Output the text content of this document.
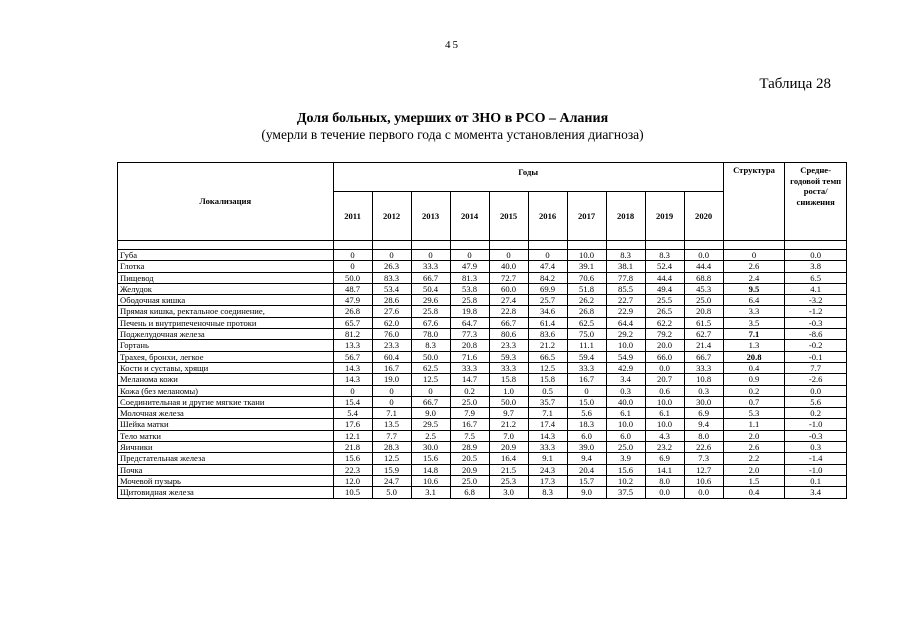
45
Таблица 28
Доля больных, умерших от ЗНО в РСО – Алания
(умерли в течение первого года с момента установления диагноза)
Локализация	Годы										Структура	Средне-годовой темп роста/ снижения
	2011	2012	2013	2014	2015	2016	2017	2018	2019	2020		

Губа	0	0	0	0	0	0	10.0	8.3	8.3	0.0	0	0.0
Глотка	0	26.3	33.3	47.9	40.0	47.4	39.1	38.1	52.4	44.4	2.6	3.8
Пищевод	50.0	83.3	66.7	81.3	72.7	84.2	70.6	77.8	44.4	68.8	2.4	6.5
Желудок	48.7	53.4	50.4	53.8	60.0	69.9	51.8	85.5	49.4	45.3	9.5	4.1
Ободочная кишка	47.9	28.6	29.6	25.8	27.4	25.7	26.2	22.7	25.5	25.0	6.4	-3.2
Прямая кишка, ректальное соединение,	26.8	27.6	25.8	19.8	22.8	34.6	26.8	22.9	26.5	20.8	3.3	-1.2
Печень и внутрипеченочные протоки	65.7	62.0	67.6	64.7	66.7	61.4	62.5	64.4	62.2	61.5	3.5	-0.3
Поджелудочная железа	81.2	76.0	78.0	77.3	80.6	83.6	75.0	29.2	79.2	62.7	7.1	-8.6
Гортань	13.3	23.3	8.3	20.8	23.3	21.2	11.1	10.0	20.0	21.4	1.3	-0.2
Трахея, бронхи, легкое	56.7	60.4	50.0	71.6	59.3	66.5	59.4	54.9	66.0	66.7	20.8	-0.1
Кости и суставы, хрящи	14.3	16.7	62.5	33.3	33.3	12.5	33.3	42.9	0.0	33.3	0.4	7.7
Меланома кожи	14.3	19.0	12.5	14.7	15.8	15.8	16.7	3.4	20.7	10.8	0.9	-2.6
Кожа (без меланомы)	0	0	0	0.2	1.0	0.5	0	0.3	0.6	0.3	0.2	0.0
Соединительная и другие мягкие ткани	15.4	0	66.7	25.0	50.0	35.7	15.0	40.0	10.0	30.0	0.7	5.6
Молочная железа	5.4	7.1	9.0	7.9	9.7	7.1	5.6	6.1	6.1	6.9	5.3	0.2
Шейка матки	17.6	13.5	29.5	16.7	21.2	17.4	18.3	10.0	10.0	9.4	1.1	-1.0
Тело матки	12.1	7.7	2.5	7.5	7.0	14.3	6.0	6.0	4.3	8.0	2.0	-0.3
Яичники	21.8	28.3	30.0	28.9	20.9	33.3	39.0	25.0	23.2	22.6	2.6	0.3
Предстательная железа	15.6	12.5	15.6	20.5	16.4	9.1	9.4	3.9	6.9	7.3	2.2	-1.4
Почка	22.3	15.9	14.8	20.9	21.5	24.3	20.4	15.6	14.1	12.7	2.0	-1.0
Мочевой пузырь	12.0	24.7	10.6	25.0	25.3	17.3	15.7	10.2	8.0	10.6	1.5	0.1
Щитовидная железа	10.5	5.0	3.1	6.8	3.0	8.3	9.0	37.5	0.0	0.0	0.4	3.4
